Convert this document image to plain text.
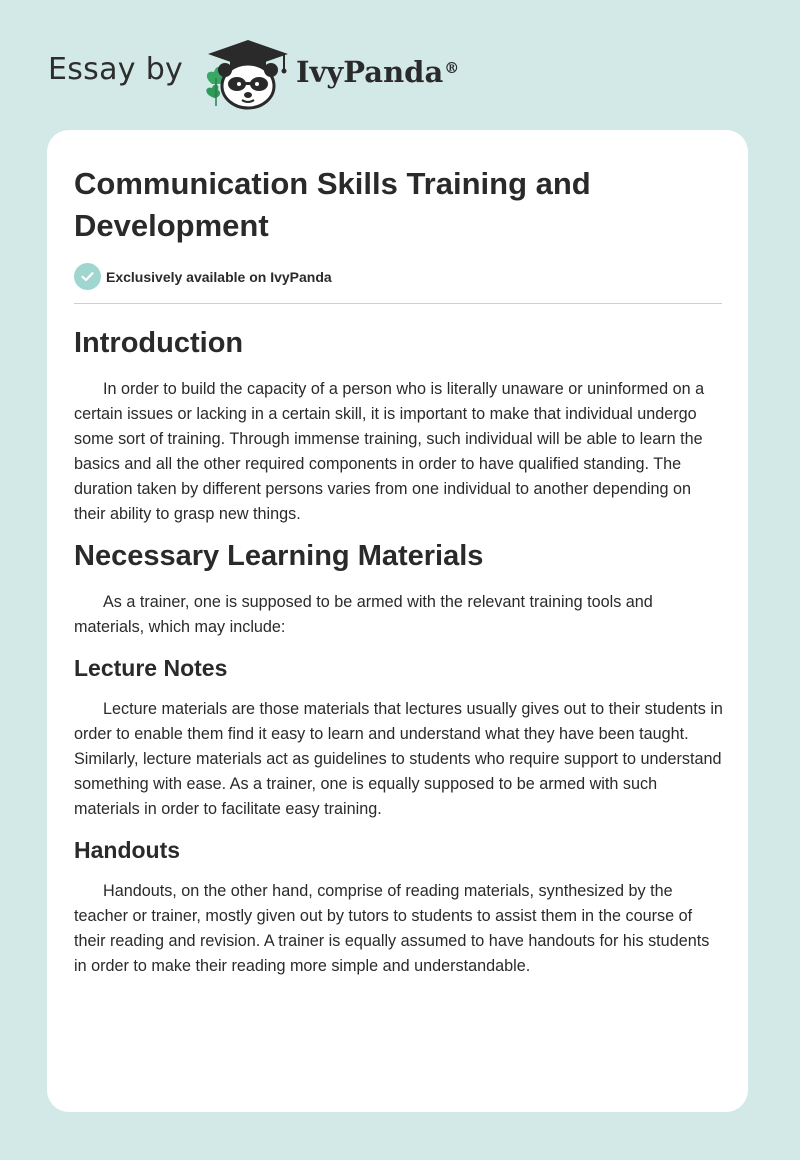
Essay by	IvyPanda®
Communication Skills Training and Development
Exclusively available on IvyPanda
Introduction

In order to build the capacity of a person who is literally unaware or uninformed on a certain issues or lacking in a certain skill, it is important to make that individual undergo some sort of training. Through immense training, such individual will be able to learn the basics and all the other required components in order to have qualified standing. The duration taken by different persons varies from one individual to another depending on their ability to grasp new things.

Necessary Learning Materials

As a trainer, one is supposed to be armed with the relevant training tools and materials, which may include:

Lecture Notes

Lecture materials are those materials that lectures usually gives out to their students in order to enable them find it easy to learn and understand what they have been taught. Similarly, lecture materials act as guidelines to students who require support to understand something with ease. As a trainer, one is equally supposed to be armed with such materials in order to facilitate easy training.

Handouts

Handouts, on the other hand, comprise of reading materials, synthesized by the teacher or trainer, mostly given out by tutors to students to assist them in the course of their reading and revision. A trainer is equally assumed to have handouts for his students in order to make their reading more simple and understandable.
